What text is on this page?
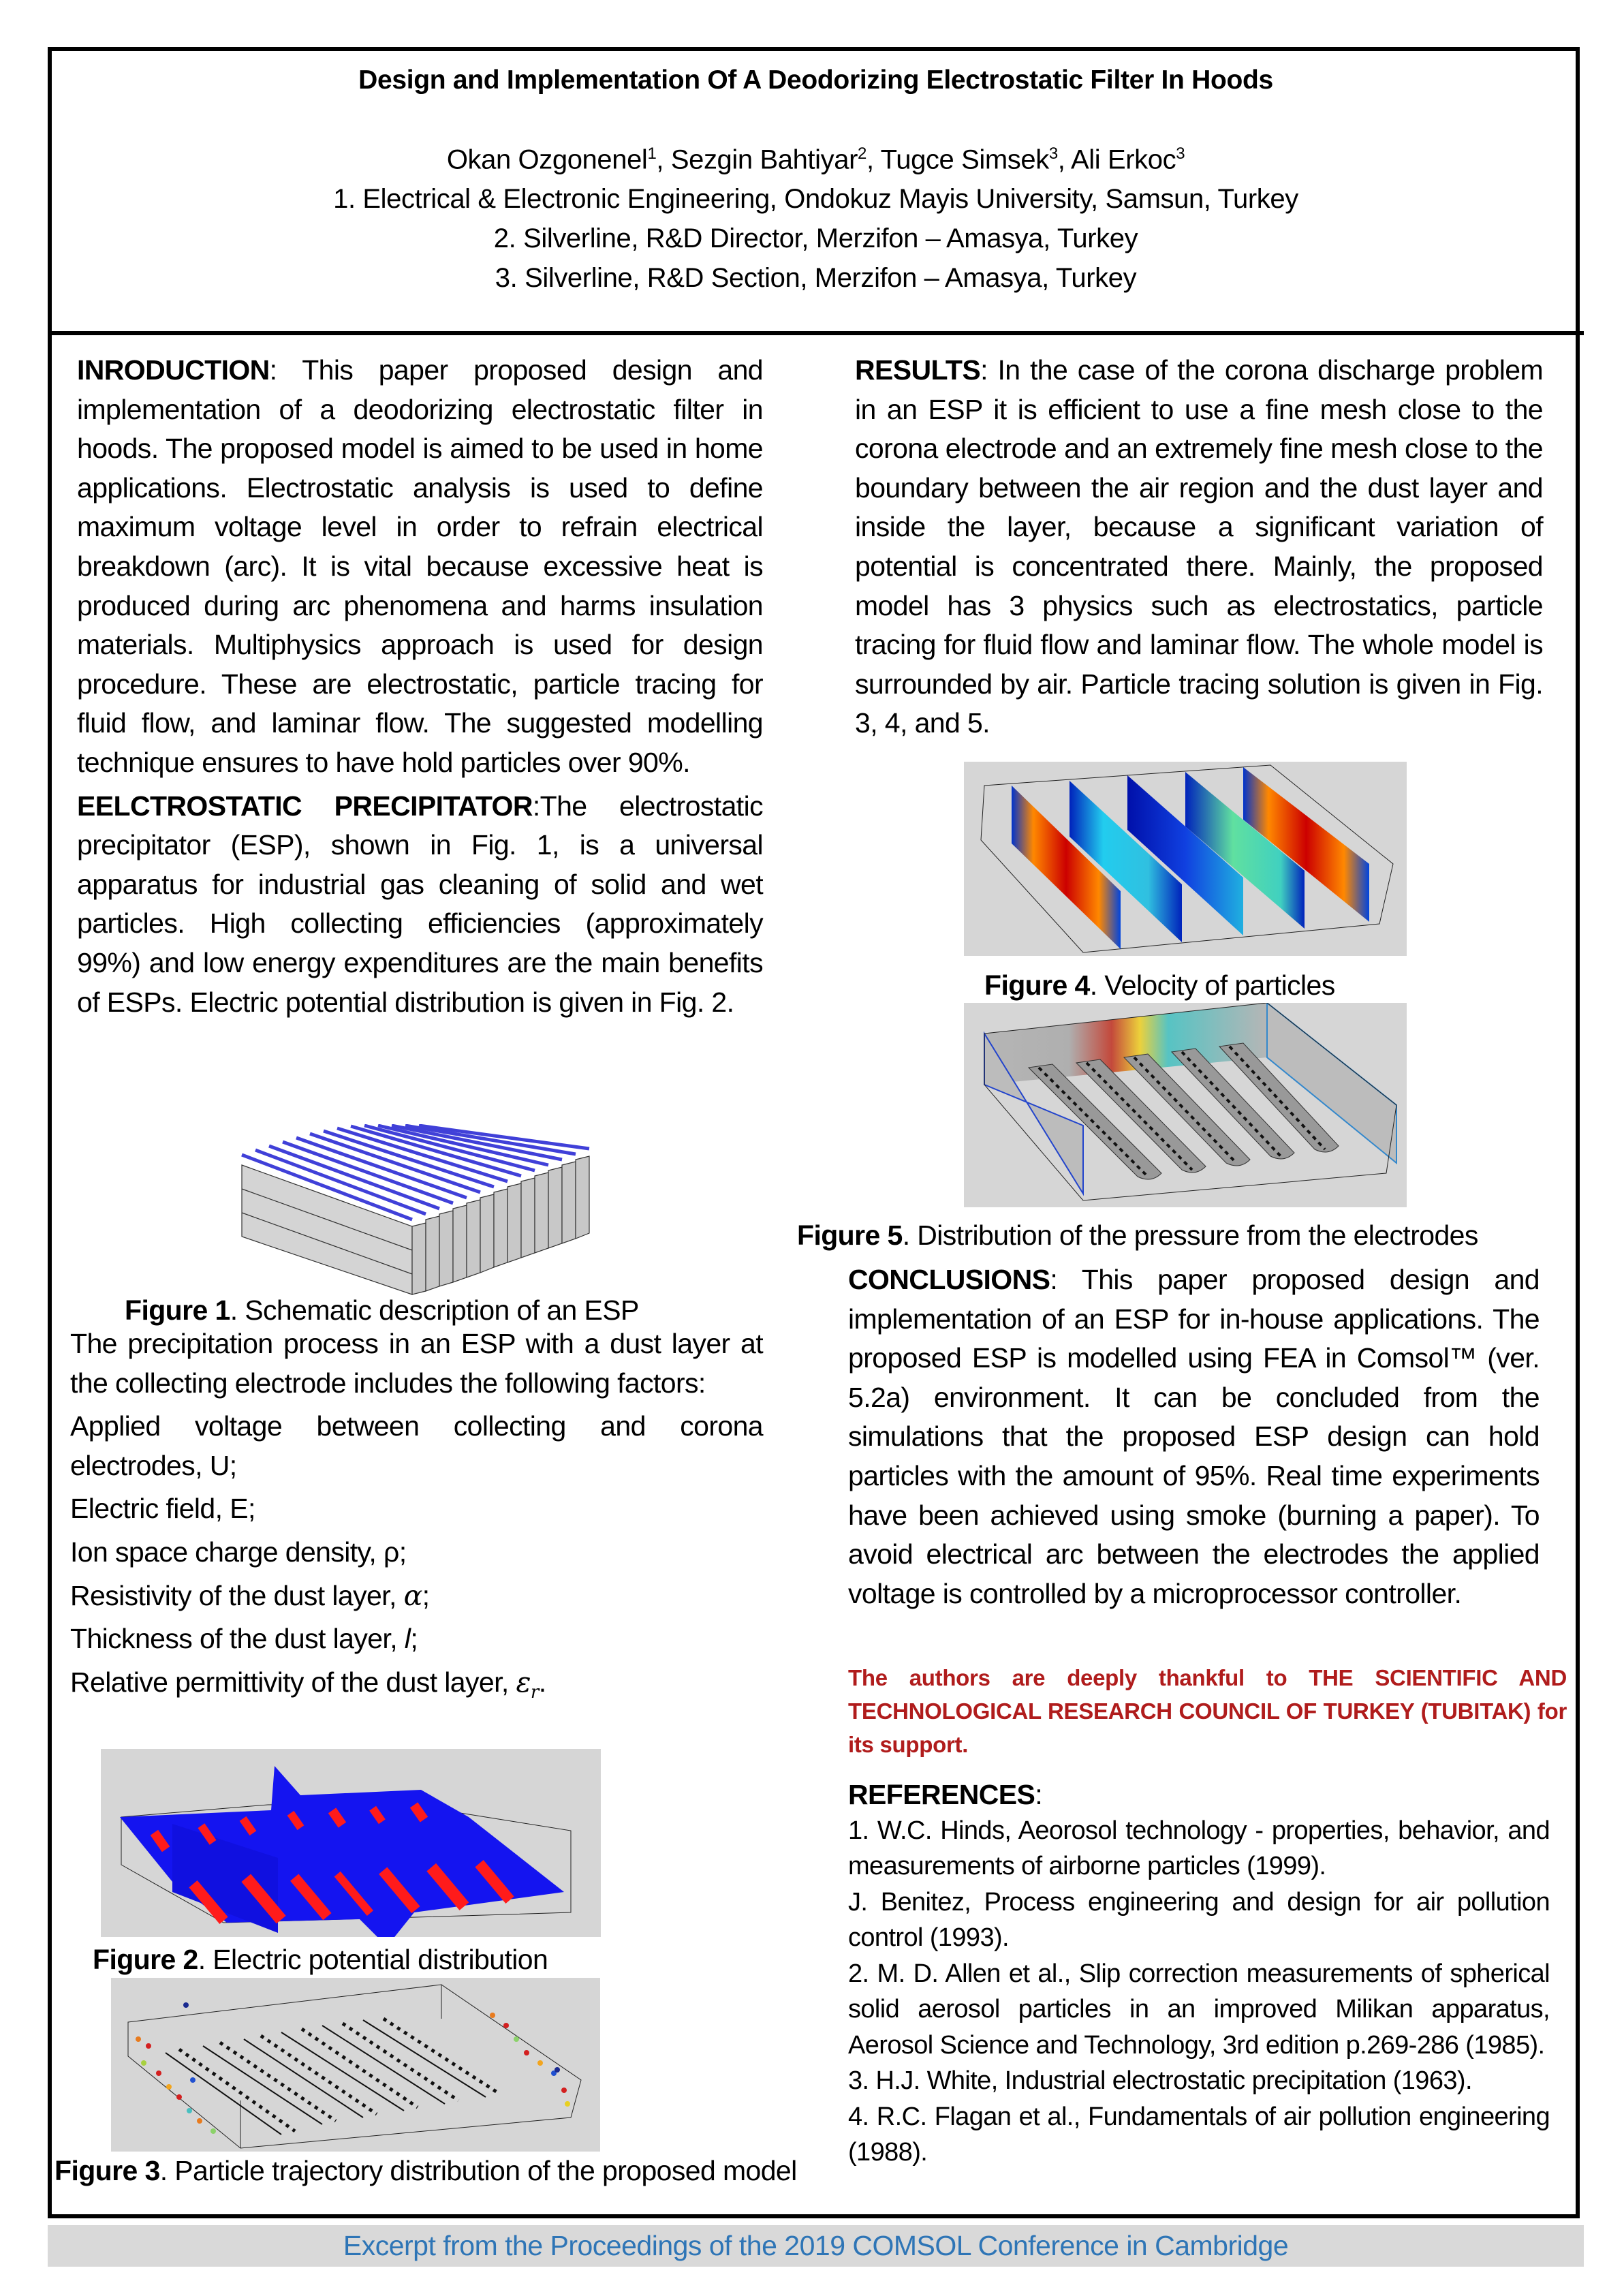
Design and Implementation Of A Deodorizing Electrostatic Filter In Hoods
Okan Ozgonenel$^1$, Sezgin Bahtiyar$^2$, Tugce Simsek$^3$, Ali Erkoc$^3$
1. Electrical & Electronic Engineering, Ondokuz Mayis University, Samsun, Turkey
2. Silverline, R&D Director, Merzifon – Amasya, Turkey
3. Silverline, R&D Section, Merzifon – Amasya, Turkey

INRODUCTION: This paper proposed design and implementation of a deodorizing electrostatic filter in hoods. The proposed model is aimed to be used in home applications. Electrostatic analysis is used to define maximum voltage level in order to refrain electrical breakdown (arc). It is vital because excessive heat is produced during arc phenomena and harms insulation materials. Multiphysics approach is used for design procedure. These are electrostatic, particle tracing for fluid flow, and laminar flow. The suggested modelling technique ensures to have hold particles over 90%.

EELCTROSTATIC PRECIPITATOR:The electrostatic precipitator (ESP), shown in Fig. 1, is a universal apparatus for industrial gas cleaning of solid and wet particles. High collecting efficiencies (approximately 99%) and low energy expenditures are the main benefits of ESPs. Electric potential distribution is given in Fig. 2.

Figure 1. Schematic description of an ESP

The precipitation process in an ESP with a dust layer at the collecting electrode includes the following factors:

Applied voltage between collecting and corona electrodes, U;

Electric field, E;

Ion space charge density, ρ;

Resistivity of the dust layer, α;

Thickness of the dust layer, l;

Relative permittivity of the dust layer, $\varepsilon_r$.

Figure 2. Electric potential distribution
Figure 3. Particle trajectory distribution of the proposed model

RESULTS: In the case of the corona discharge problem in an ESP it is efficient to use a fine mesh close to the corona electrode and an extremely fine mesh close to the boundary between the air region and the dust layer and inside the layer, because a significant variation of potential is concentrated there. Mainly, the proposed model has 3 physics such as electrostatics, particle tracing for fluid flow and laminar flow. The whole model is surrounded by air. Particle tracing solution is given in Fig. 3, 4, and 5.

Figure 4. Velocity of particles
Figure 5. Distribution of the pressure from the electrodes

CONCLUSIONS: This paper proposed design and implementation of an ESP for in-house applications. The proposed ESP is modelled using FEA in Comsol™ (ver. 5.2a) environment. It can be concluded from the simulations that the proposed ESP design can hold particles with the amount of 95%. Real time experiments have been achieved using smoke (burning a paper). To avoid electrical arc between the electrodes the applied voltage is controlled by a microprocessor controller.

The authors are deeply thankful to THE SCIENTIFIC AND TECHNOLOGICAL RESEARCH COUNCIL OF TURKEY (TUBITAK) for its support.

REFERENCES:

1. W.C. Hinds, Aeorosol technology - properties, behavior, and measurements of airborne particles (1999).

J. Benitez, Process engineering and design for air pollution control (1993).

2. M. D. Allen et al., Slip correction measurements of spherical solid aerosol particles in an improved Milikan apparatus, Aerosol Science and Technology, 3rd edition p.269-286 (1985).

3. H.J. White, Industrial electrostatic precipitation (1963).

4. R.C. Flagan et al., Fundamentals of air pollution engineering (1988).

Excerpt from the Proceedings of the 2019 COMSOL Conference in Cambridge
